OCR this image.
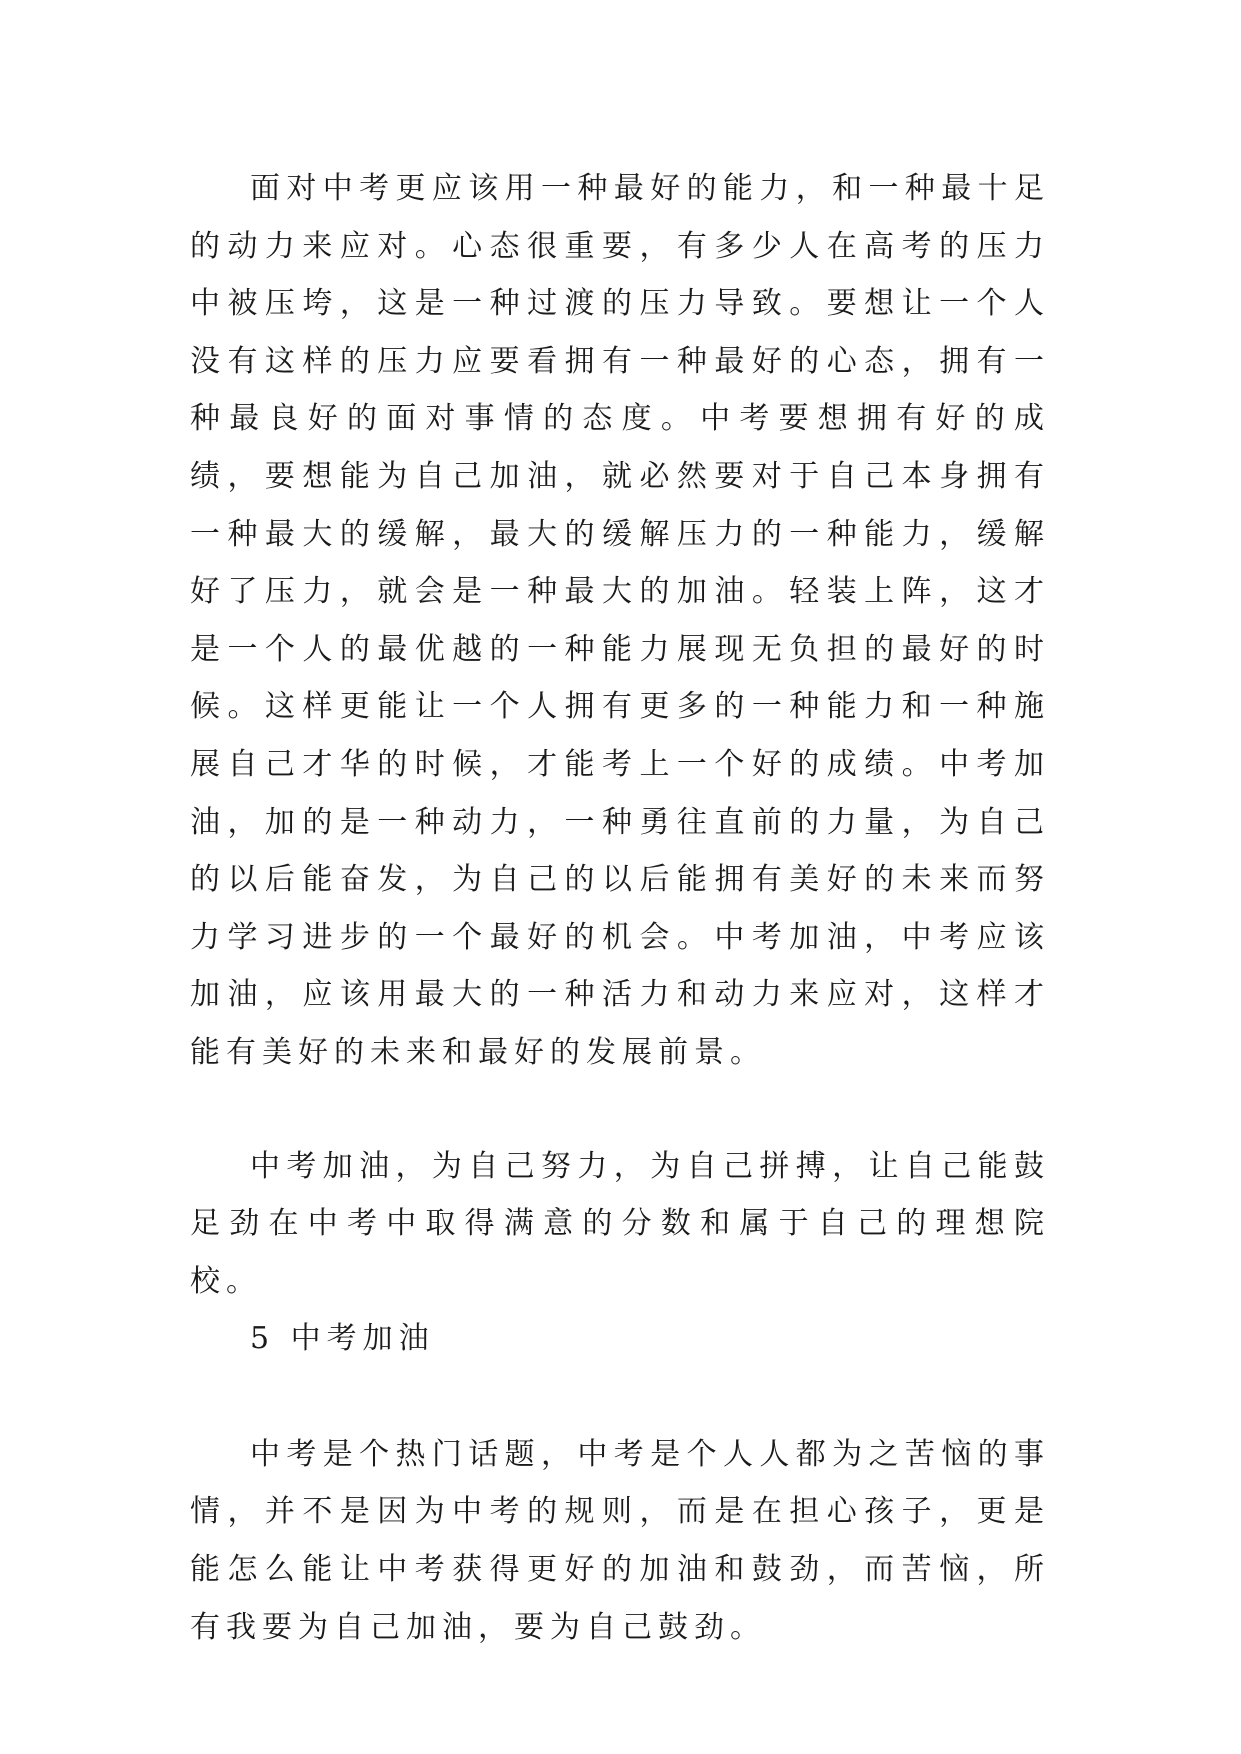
面对中考更应该用一种最好的能力，和一种最十足的动力来应对。心态很重要，有多少人在高考的压力中被压垮，这是一种过渡的压力导致。要想让一个人没有这样的压力应要看拥有一种最好的心态，拥有一种最良好的面对事情的态度。中考要想拥有好的成绩，要想能为自己加油，就必然要对于自己本身拥有一种最大的缓解，最大的缓解压力的一种能力，缓解好了压力，就会是一种最大的加油。轻装上阵，这才是一个人的最优越的一种能力展现无负担的最好的时候。这样更能让一个人拥有更多的一种能力和一种施展自己才华的时候，才能考上一个好的成绩。中考加油，加的是一种动力，一种勇往直前的力量，为自己的以后能奋发，为自己的以后能拥有美好的未来而努力学习进步的一个最好的机会。中考加油，中考应该加油，应该用最大的一种活力和动力来应对，这样才能有美好的未来和最好的发展前景。

中考加油，为自己努力，为自己拼搏，让自己能鼓足劲在中考中取得满意的分数和属于自己的理想院校。

5 中考加油

中考是个热门话题，中考是个人人都为之苦恼的事情，并不是因为中考的规则，而是在担心孩子，更是能怎么能让中考获得更好的加油和鼓劲，而苦恼，所有我要为自己加油，要为自己鼓劲。
